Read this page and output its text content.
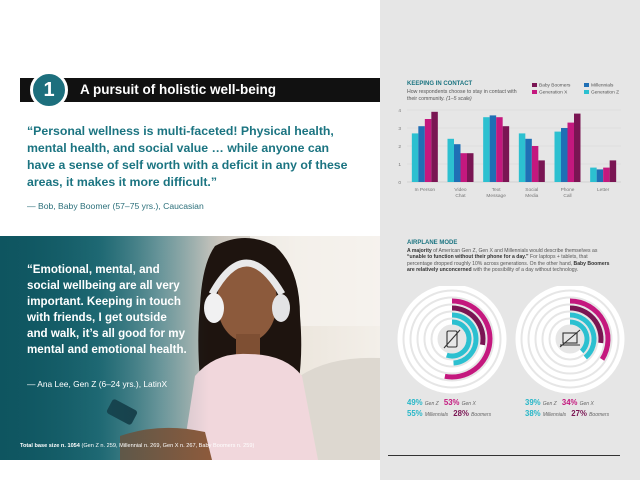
1	A pursuit of holistic well-being
“Personal wellness is multi-faceted! Physical health, mental health, and social value … while anyone can have a sense of self worth with a deficit in any of these areas, it makes it more difficult.”
— Bob, Baby Boomer (57–75 yrs.), Caucasian
“Emotional, mental, and social wellbeing are all very important. Keeping in touch with friends, I get outside and walk, it’s all good for my mental and emotional health.
— Ana Lee, Gen Z (6–24 yrs.), LatinX
Total base size n. 1054 (Gen Z n. 259, Millennial n. 269, Gen X n. 267, Baby Boomers n. 259)
KEEPING IN CONTACT
How respondents choose to stay in contact with their community. (1–5 scale)
Baby Boomers	Millennials
Generation X	Generation Z
0
1
2
3
4
In Person	Video
Chat
Text
Message
Social
Media
Phone
Call
Letter
AIRPLANE MODE
A majority of American Gen Z, Gen X and Millennials would describe themselves as “unable to function without their phone for a day.” For laptops + tablets, that percentage dropped roughly 10% across generations. On the other hand, Baby Boomers are relatively unconcerned with the possibility of a day without technology.
49% Gen Z 53% Gen X
55% Millennials 28% Boomers
39% Gen Z 34% Gen X
38% Millennials 27% Boomers
